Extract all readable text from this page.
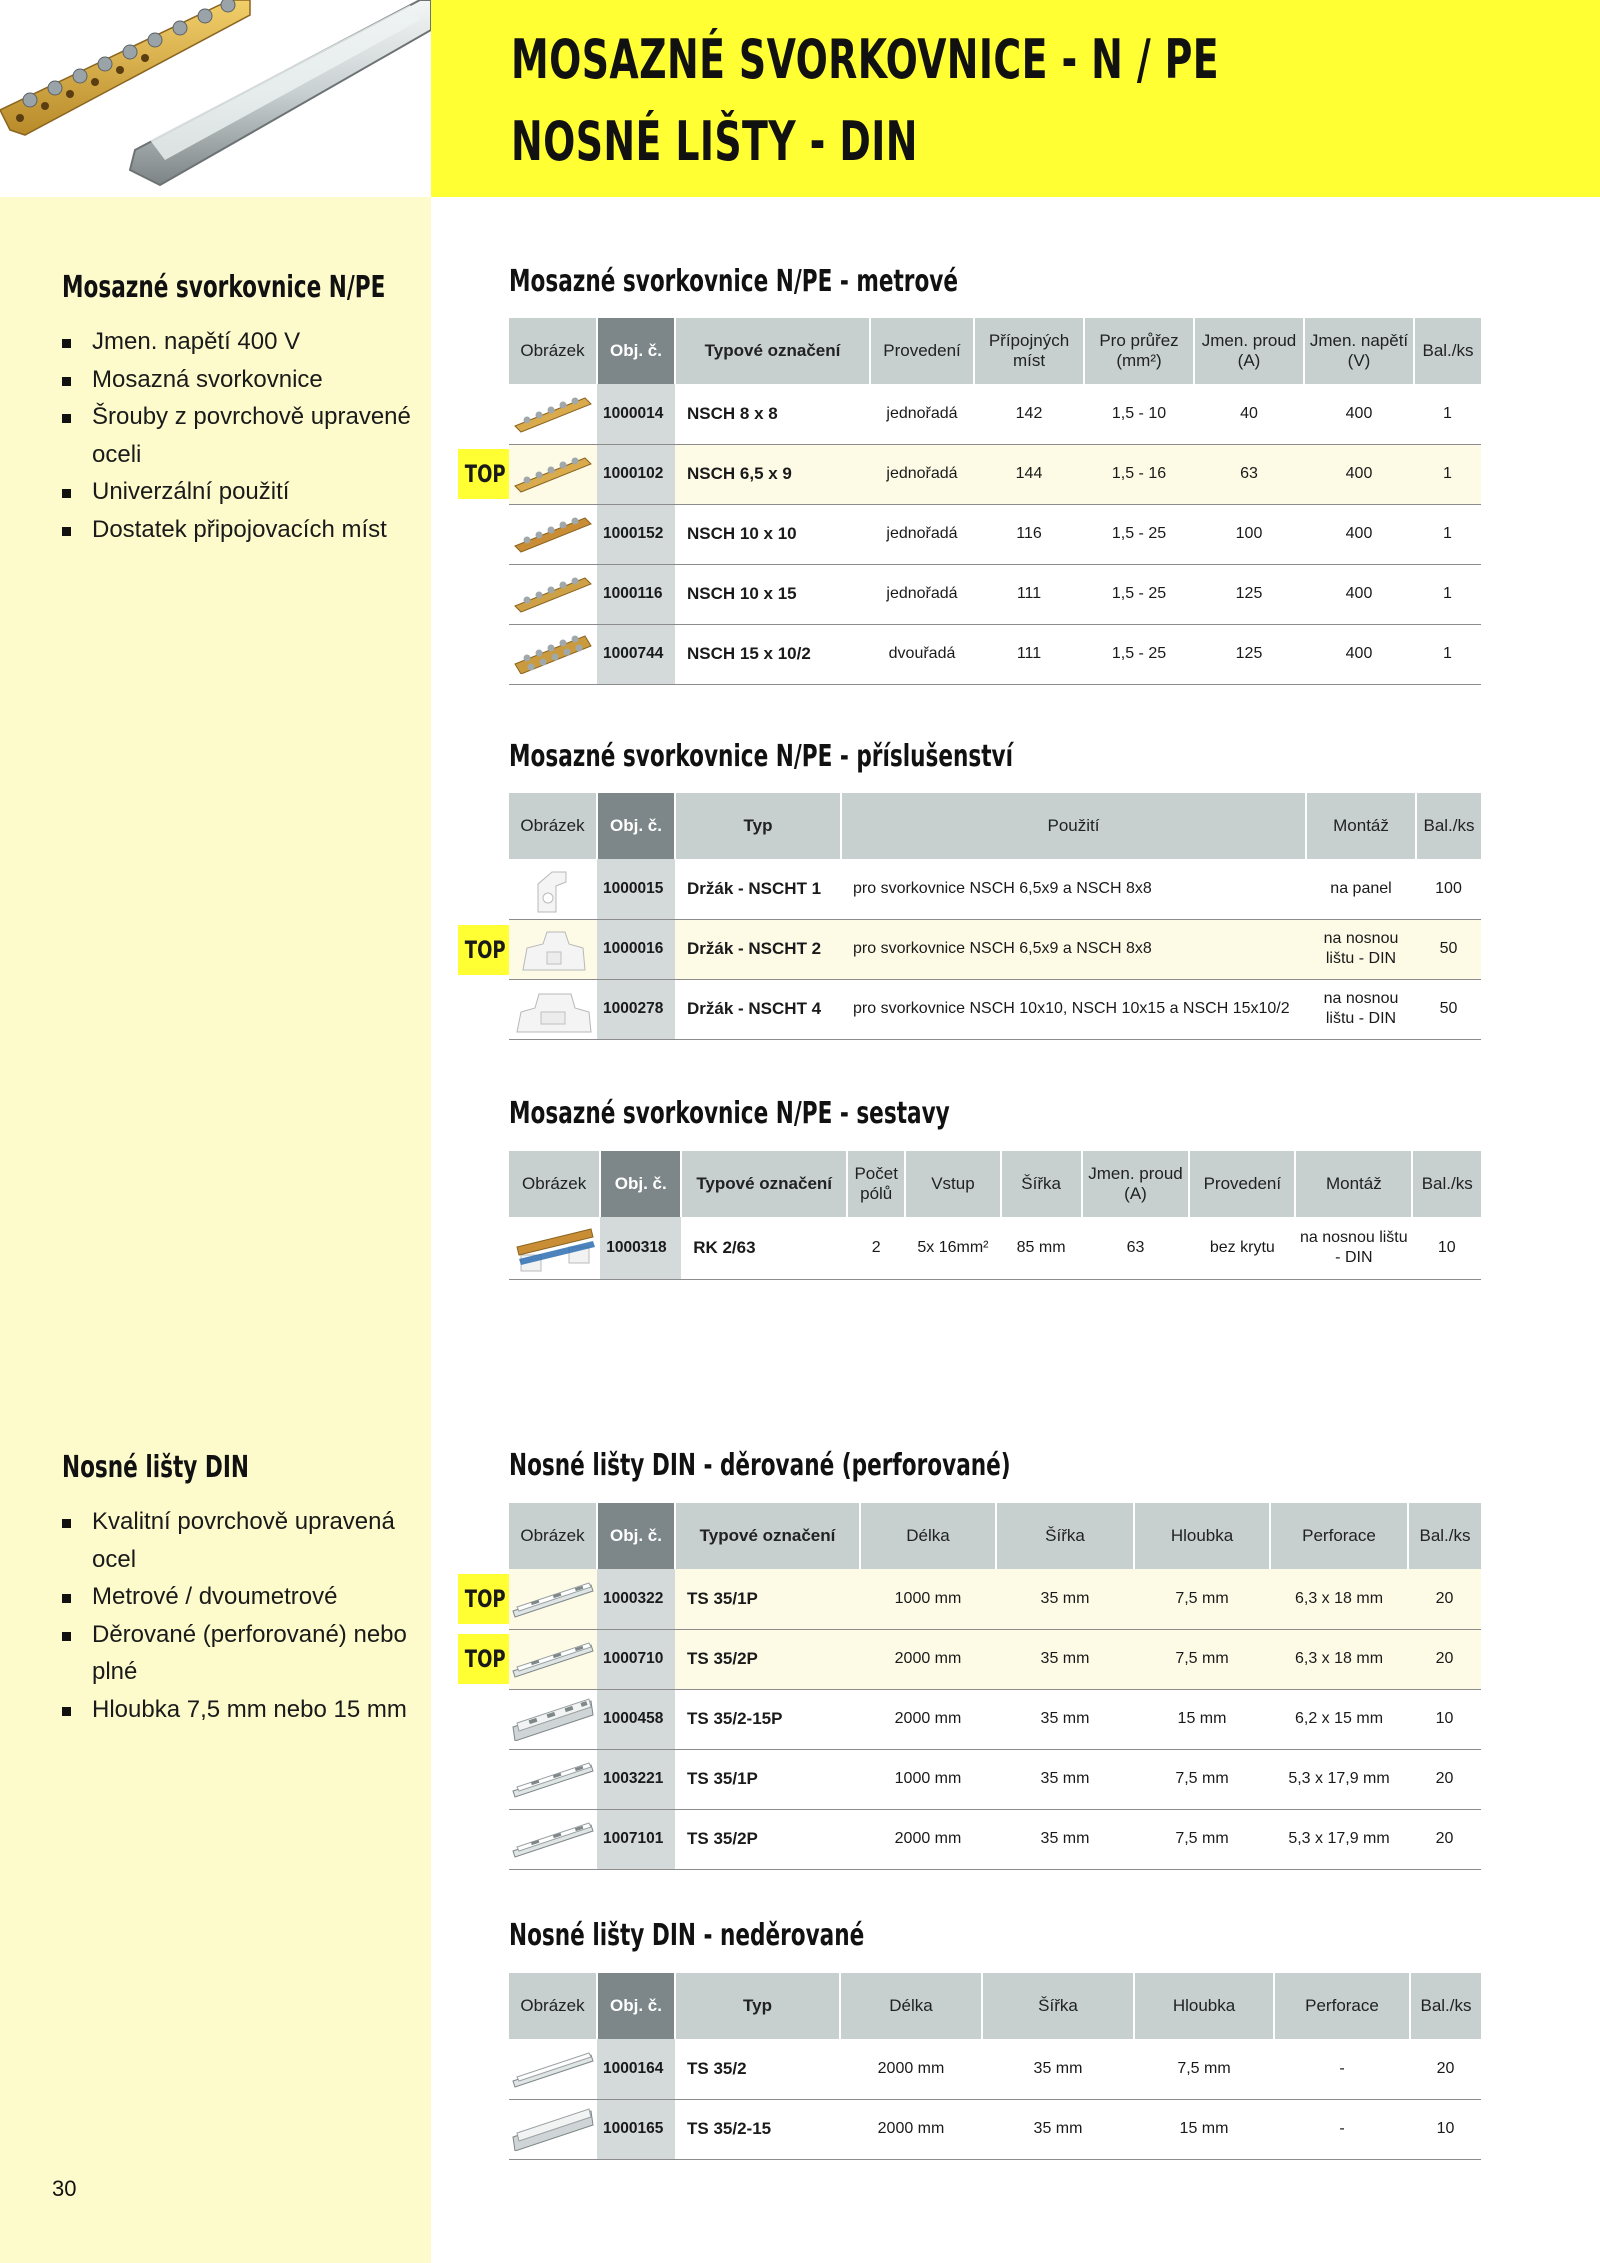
MOSAZNÉ SVORKOVNICE - N / PE
NOSNÉ LIŠTY - DIN
Mosazné svorkovnice N/PE
Jmen. napětí 400 V
Mosazná svorkovnice
Šrouby z povrchově upravené oceli
Univerzální použití
Dostatek připojovacích míst
Nosné lišty DIN
Kvalitní povrchově upravená ocel
Metrové / dvoumetrové
Děrované (perforované) nebo plné
Hloubka 7,5 mm nebo 15 mm
30
Mosazné svorkovnice N/PE - metrové
Obrázek	Obj. č.	Typové označení	Provedení	Přípojných míst	Pro průřez (mm²)	Jmen. proud (A)	Jmen. napětí (V)	Bal./ks

	1000014	NSCH 8 x 8	jednořadá	142	1,5 - 10	40	400	1

	1000102	NSCH 6,5 x 9	jednořadá	144	1,5 - 16	63	400	1

	1000152	NSCH 10 x 10	jednořadá	116	1,5 - 25	100	400	1

	1000116	NSCH 10 x 15	jednořadá	111	1,5 - 25	125	400	1

	1000744	NSCH 15 x 10/2	dvouřadá	111	1,5 - 25	125	400	1
TOP
Mosazné svorkovnice N/PE - příslušenství
Obrázek	Obj. č.	Typ	Použití	Montáž	Bal./ks

	1000015	Držák - NSCHT 1	pro svorkovnice NSCH 6,5x9 a NSCH 8x8	na panel	100

	1000016	Držák - NSCHT 2	pro svorkovnice NSCH 6,5x9 a NSCH 8x8	na nosnou lištu - DIN	50

	1000278	Držák - NSCHT 4	pro svorkovnice NSCH 10x10, NSCH 10x15 a NSCH 15x10/2	na nosnou lištu - DIN	50
TOP
Mosazné svorkovnice N/PE - sestavy
Obrázek	Obj. č.	Typové označení	Počet pólů	Vstup	Šířka	Jmen. proud (A)	Provedení	Montáž	Bal./ks

	1000318	RK 2/63	2	5x 16mm²	85 mm	63	bez krytu	na nosnou lištu - DIN	10
Nosné lišty DIN - děrované (perforované)
Obrázek	Obj. č.	Typové označení	Délka	Šířka	Hloubka	Perforace	Bal./ks

	1000322	TS 35/1P	1000 mm	35 mm	7,5 mm	6,3 x 18 mm	20

	1000710	TS 35/2P	2000 mm	35 mm	7,5 mm	6,3 x 18 mm	20

	1000458	TS 35/2-15P	2000 mm	35 mm	15 mm	6,2 x 15 mm	10

	1003221	TS 35/1P	1000 mm	35 mm	7,5 mm	5,3 x 17,9 mm	20

	1007101	TS 35/2P	2000 mm	35 mm	7,5 mm	5,3 x 17,9 mm	20
TOP
TOP
Nosné lišty DIN - neděrované
Obrázek	Obj. č.	Typ	Délka	Šířka	Hloubka	Perforace	Bal./ks

	1000164	TS 35/2	2000 mm	35 mm	7,5 mm	-	20

	1000165	TS 35/2-15	2000 mm	35 mm	15 mm	-	10
